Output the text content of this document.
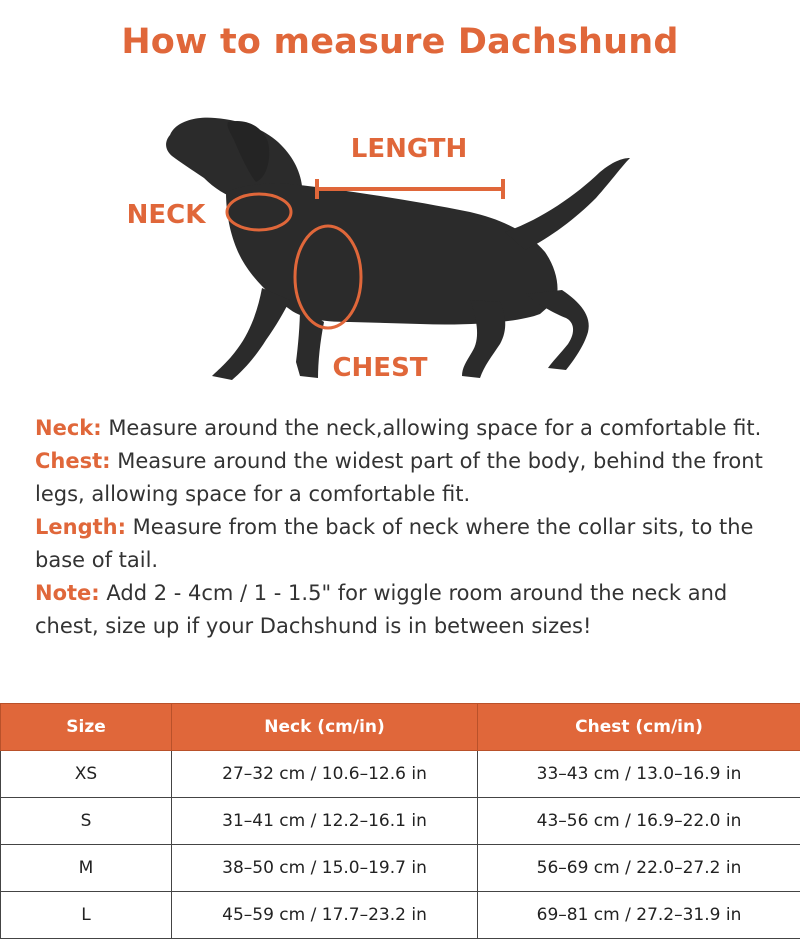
How to measure Dachshund
LENGTH
NECK
CHEST

Neck: Measure around the neck,allowing space for a comfortable fit.

Chest: Measure around the widest part of the body, behind the front legs, allowing space for a comfortable fit.

Length: Measure from the back of neck where the collar sits, to the base of tail.

Note: Add 2 - 4cm / 1 - 1.5" for wiggle room around the neck and chest, size up if your Dachshund is in between sizes!

Size	Neck (cm/in)	Chest (cm/in)
XS	27–32 cm / 10.6–12.6 in	33–43 cm / 13.0–16.9 in
S	31–41 cm / 12.2–16.1 in	43–56 cm / 16.9–22.0 in
M	38–50 cm / 15.0–19.7 in	56–69 cm / 22.0–27.2 in
L	45–59 cm / 17.7–23.2 in	69–81 cm / 27.2–31.9 in
